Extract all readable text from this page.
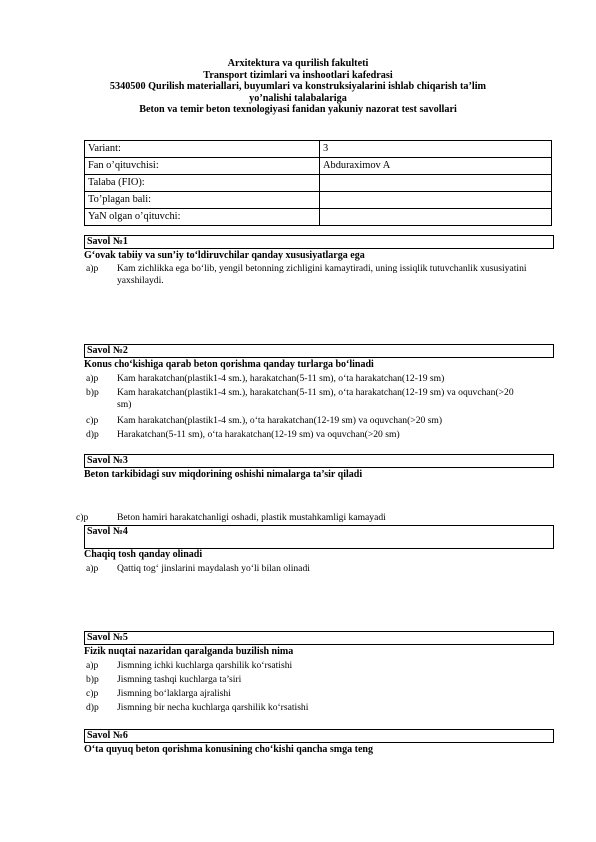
Arxitektura va qurilish fakulteti
Transport tizimlari va inshootlari kafedrasi
5340500 Qurilish materiallari, buyumlari va konstruksiyalarini ishlab chiqarish ta’lim
yo’nalishi talabalariga
Beton va temir beton texnologiyasi fanidan yakuniy nazorat test savollari
Variant:	3
Fan o’qituvchisi:	Abduraximov A
Talaba (FIO):	
To’plagan bali:	
YaN olgan o’qituvchi:	
Savol №1
G‘ovak tabiiy va sun’iy to‘ldiruvchilar qanday xususiyatlarga ega
a)p Kam zichlikka ega bo‘lib, yengil betonning zichligini kamaytiradi, uning issiqlik tutuvchanlik xususiyatini yaxshilaydi.
Savol №2
Konus cho‘kishiga qarab beton qorishma qanday turlarga bo‘linadi
a)p Kam harakatchan(plastik1-4 sm.), harakatchan(5-11 sm), o‘ta harakatchan(12-19 sm)
b)p Kam harakatchan(plastik1-4 sm.), harakatchan(5-11 sm), o‘ta harakatchan(12-19 sm) va oquvchan(>20 sm)
c)p Kam harakatchan(plastik1-4 sm.), o‘ta harakatchan(12-19 sm) va oquvchan(>20 sm)
d)p Harakatchan(5-11 sm), o‘ta harakatchan(12-19 sm) va oquvchan(>20 sm)
Savol №3
Beton tarkibidagi suv miqdorining oshishi nimalarga ta’sir qiladi
c)p	Beton hamiri harakatchanligi oshadi, plastik mustahkamligi kamayadi
Savol №4
Chaqiq tosh qanday olinadi
a)p Qattiq tog‘ jinslarini maydalash yo‘li bilan olinadi
Savol №5
Fizik nuqtai nazaridan qaralganda buzilish nima
a)p Jismning ichki kuchlarga qarshilik ko‘rsatishi
b)p Jismning tashqi kuchlarga ta’siri
c)p Jismning bo‘laklarga ajralishi
d)p Jismning bir necha kuchlarga qarshilik ko‘rsatishi
Savol №6
O‘ta quyuq beton qorishma konusining cho‘kishi qancha smga teng
